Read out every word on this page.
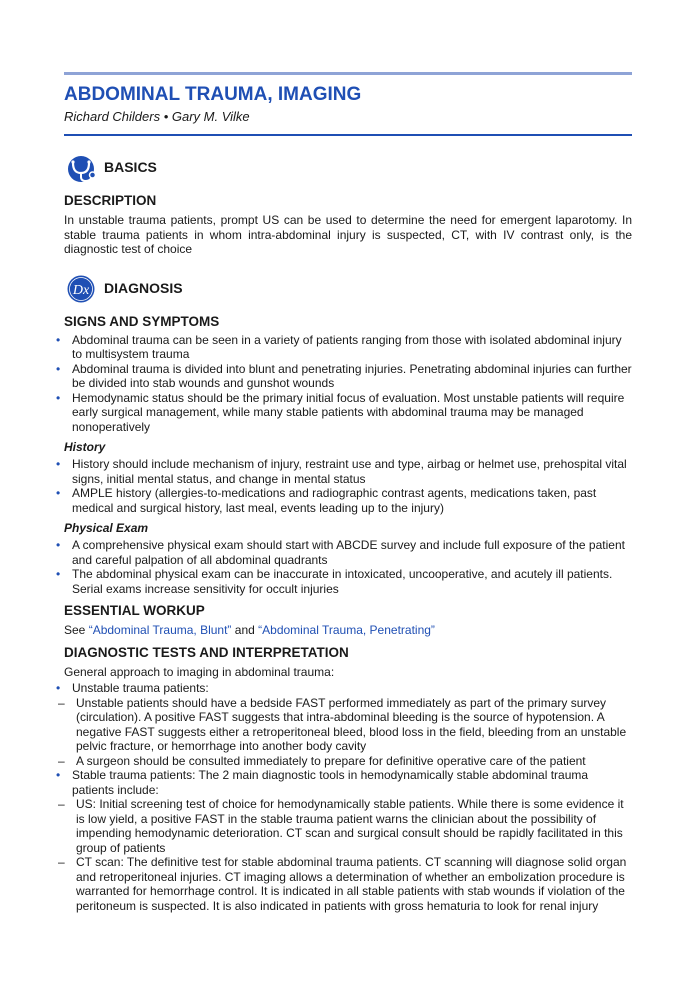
ABDOMINAL TRAUMA, IMAGING
Richard Childers • Gary M. Vilke
BASICS
DESCRIPTION
In unstable trauma patients, prompt US can be used to determine the need for emergent laparotomy. In stable trauma patients in whom intra-abdominal injury is suspected, CT, with IV contrast only, is the diagnostic test of choice
Dx DIAGNOSIS
SIGNS AND SYMPTOMS
• Abdominal trauma can be seen in a variety of patients ranging from those with isolated abdominal injury to multisystem trauma
• Abdominal trauma is divided into blunt and penetrating injuries. Penetrating abdominal injuries can further be divided into stab wounds and gunshot wounds
• Hemodynamic status should be the primary initial focus of evaluation. Most unstable patients will require early surgical management, while many stable patients with abdominal trauma may be managed nonoperatively
History
• History should include mechanism of injury, restraint use and type, airbag or helmet use, prehospital vital signs, initial mental status, and change in mental status
• AMPLE history (allergies-to-medications and radiographic contrast agents, medications taken, past medical and surgical history, last meal, events leading up to the injury)
Physical Exam
• A comprehensive physical exam should start with ABCDE survey and include full exposure of the patient and careful palpation of all abdominal quadrants
• The abdominal physical exam can be inaccurate in intoxicated, uncooperative, and acutely ill patients. Serial exams increase sensitivity for occult injuries
ESSENTIAL WORKUP
See “Abdominal Trauma, Blunt” and “Abdominal Trauma, Penetrating”
DIAGNOSTIC TESTS AND INTERPRETATION
General approach to imaging in abdominal trauma:
• Unstable trauma patients:
– Unstable patients should have a bedside FAST performed immediately as part of the primary survey (circulation). A positive FAST suggests that intra-abdominal bleeding is the source of hypotension. A negative FAST suggests either a retroperitoneal bleed, blood loss in the field, bleeding from an unstable pelvic fracture, or hemorrhage into another body cavity
– A surgeon should be consulted immediately to prepare for definitive operative care of the patient
• Stable trauma patients: The 2 main diagnostic tools in hemodynamically stable abdominal trauma patients include:
– US: Initial screening test of choice for hemodynamically stable patients. While there is some evidence it is low yield, a positive FAST in the stable trauma patient warns the clinician about the possibility of impending hemodynamic deterioration. CT scan and surgical consult should be rapidly facilitated in this group of patients
– CT scan: The definitive test for stable abdominal trauma patients. CT scanning will diagnose solid organ and retroperitoneal injuries. CT imaging allows a determination of whether an embolization procedure is warranted for hemorrhage control. It is indicated in all stable patients with stab wounds if violation of the peritoneum is suspected. It is also indicated in patients with gross hematuria to look for renal injury
